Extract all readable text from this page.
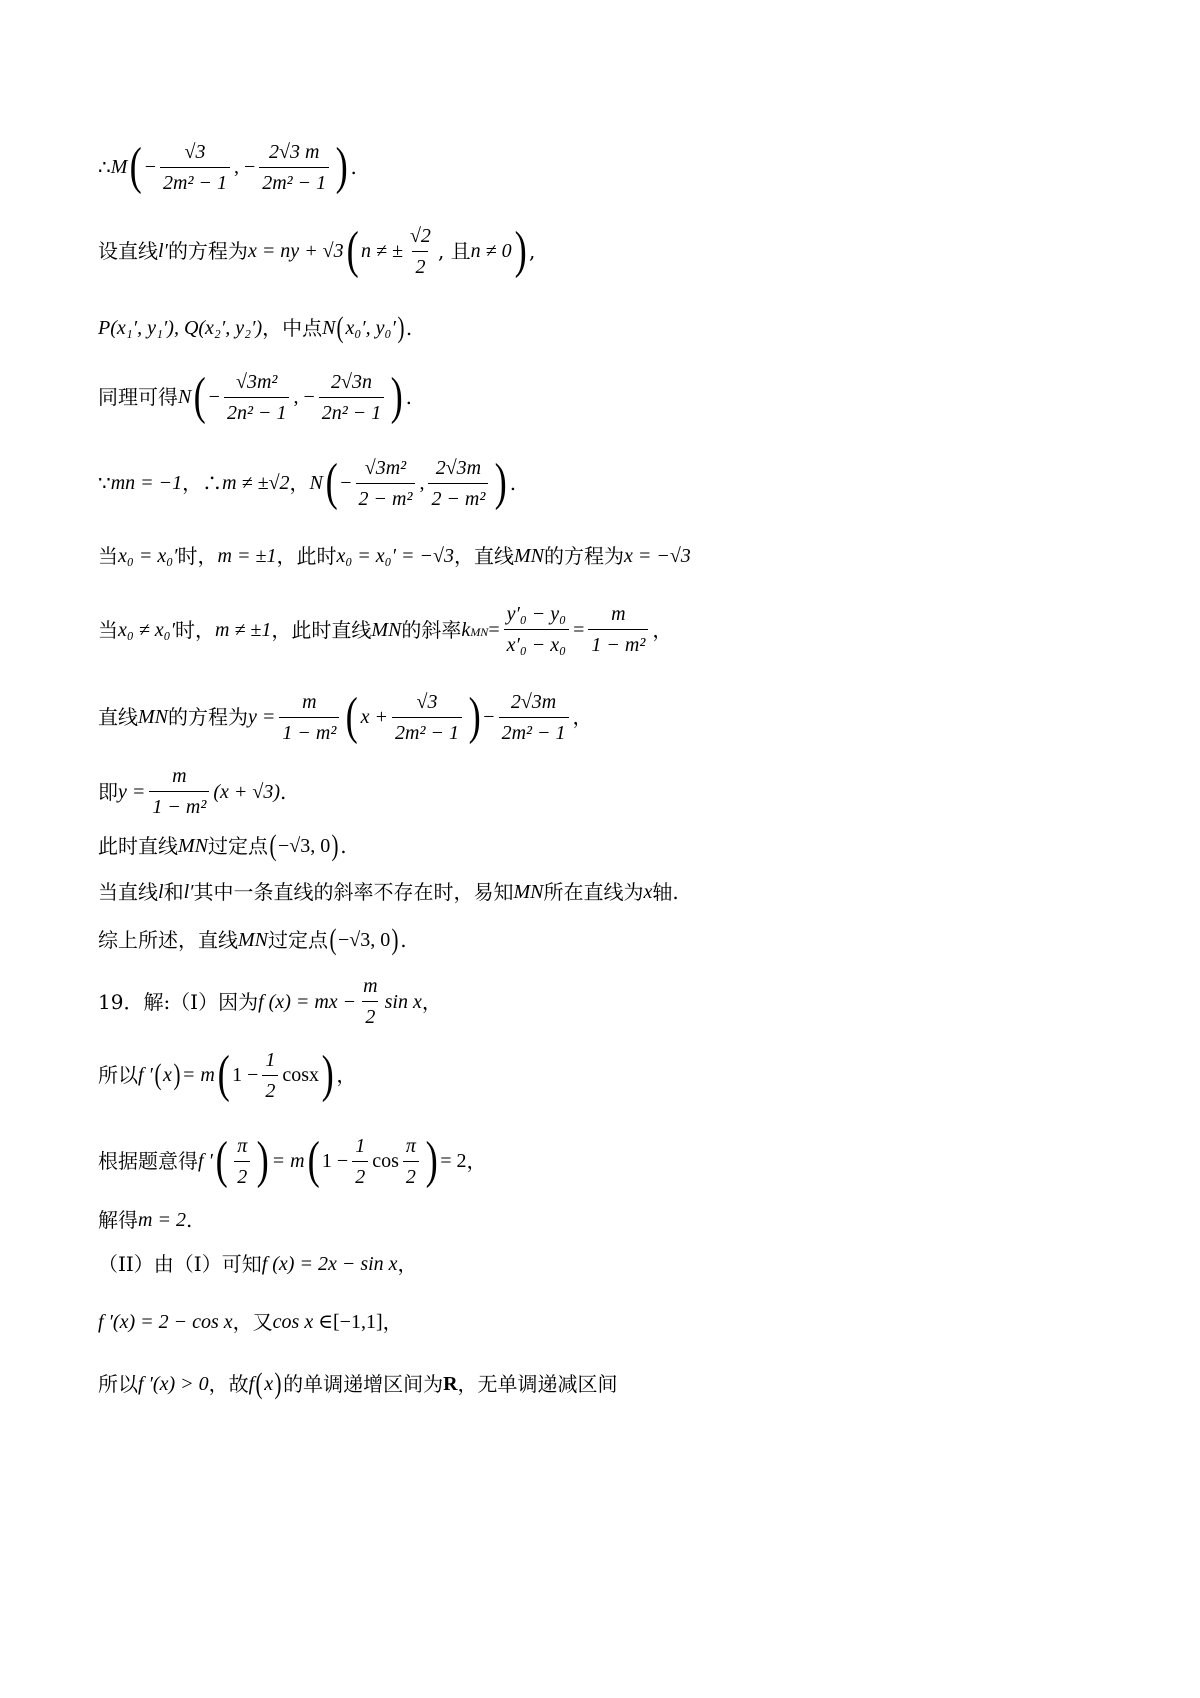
∴ M ( − $\frac{√3}{\text{2m² − 1}}$ , − $\frac{2√3 m}{\text{2m² − 1}}$ ) .
设直线 l′ 的方程为 x = ny + √3 ( n ≠ ± $\frac{√2}{2}$ , 且 n ≠ 0 ) ,
P(x₁′, y₁′), Q(x₂′, y₂′) ，中点 N ( x₀′, y₀′ ) .
同理可得 N ( − $\frac{\text{√3m²}}{\text{2n² − 1}}$ , − $\frac{2√3n}{\text{2n² − 1}}$ ) .
∵ mn = −1 ，∴ m ≠ ±√2 ， N ( − $\frac{\text{√3m²}}{\text{2 − m²}}$ , $\frac{2√3m}{\text{2 − m²}}$ ) .
当 x₀ = x₀′ 时， m = ±1 ，此时 x₀ = x₀′ = −√3 ，直线 MN 的方程为 x = −√3
当 x₀ ≠ x₀′ 时， m ≠ ±1 ，此时直线 MN 的斜率 k MN = $\frac{\text{y′₀ − y₀}}{\text{x′₀ − x₀}} = \frac{m}{\text{1 − m²}}$ ，
直线 MN 的方程为 $y = \frac{m}{\text{1 − m²}}$ ( $x + \frac{√3}{\text{2m² − 1}}$ ) − $\frac{2√3m}{\text{2m² − 1}}$ ，
即 $y = \frac{m}{\text{1 − m²}} (x + √3)$ .
此时直线 MN 过定点 ( −√3, 0 ) .
当直线 l 和 l′ 其中一条直线的斜率不存在时，易知 MN 所在直线为 x 轴.
综上所述，直线 MN 过定点 ( −√3, 0 ) .
19．解:（I）因为 f (x) = mx − $\frac{m}{2}$ sin x ，
所以 f ′ ( x ) = m ( $1 - \frac{1}{2}$ cosx ) ，
根据题意得 f ′ ( $\frac{\pi}{2}$ ) = m ( $1 - \frac{1}{2}$ $\cos \frac{\pi}{2}$ ) = 2 ，
解得 m = 2 .
（II）由（I）可知 f (x) = 2x − sin x ，
f ′(x) = 2 − cos x ，又 cos x ∈ [−1,1] ，
所以 f ′(x) > 0 ，故 f ( x ) 的单调递增区间为 R ，无单调递减区间
